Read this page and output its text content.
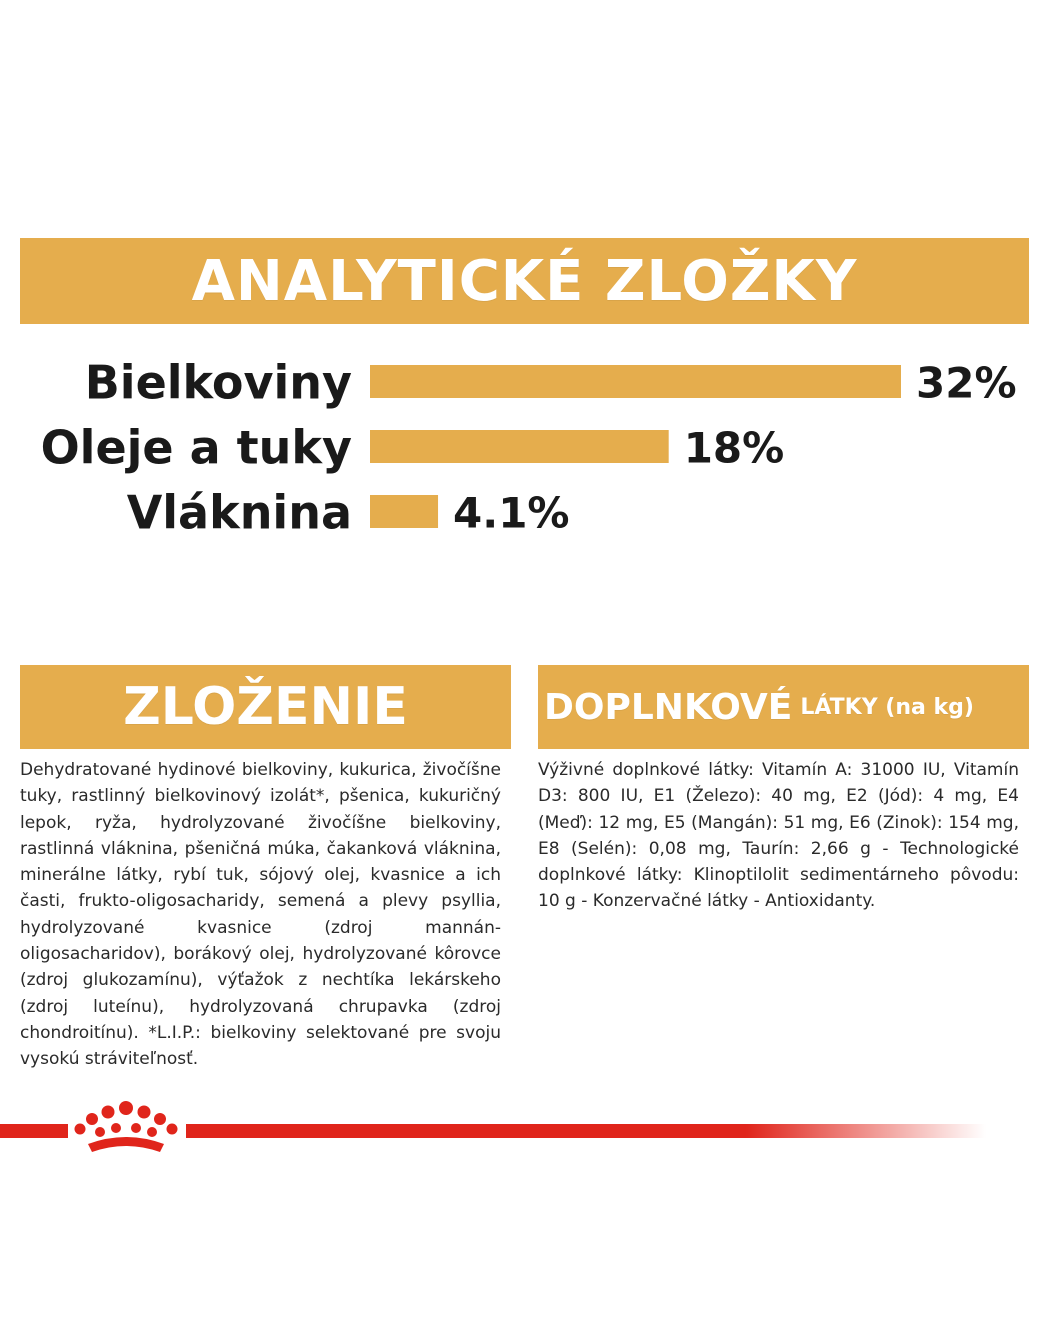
ANALYTICKÉ ZLOŽKY
Bielkoviny	32%
Oleje a tuky	18%
Vláknina 4.1%
ZLOŽENIE	DOPLNKOVÉ LÁTKY (na kg)

Dehydratované hydinové bielkoviny, kukurica, živočíšne tuky, rastlinný bielkovinový izolát*, pšenica, kukuričný lepok, ryža, hydrolyzované živočíšne bielkoviny, rastlinná vláknina, pšeničná múka, čakanková vláknina, minerálne látky, rybí tuk, sójový olej, kvasnice a ich časti, frukto-oligosacharidy, semená a plevy psyllia, hydrolyzované kvasnice (zdroj mannán-oligosacharidov), borákový olej, hydrolyzované kôrovce (zdroj glukozamínu), výťažok z nechtíka lekárskeho (zdroj luteínu), hydrolyzovaná chrupavka (zdroj chondroitínu). *L.I.P.: bielkoviny selektované pre svoju vysokú stráviteľnosť.

Výživné doplnkové látky: Vitamín A: 31000 IU, Vitamín D3: 800 IU, E1 (Železo): 40 mg, E2 (Jód): 4 mg, E4 (Meď): 12 mg, E5 (Mangán): 51 mg, E6 (Zinok): 154 mg, E8 (Selén): 0,08 mg, Taurín: 2,66 g - Technologické doplnkové látky: Klinoptilolit sedimentárneho pôvodu: 10 g - Konzervačné látky - Antioxidanty.
